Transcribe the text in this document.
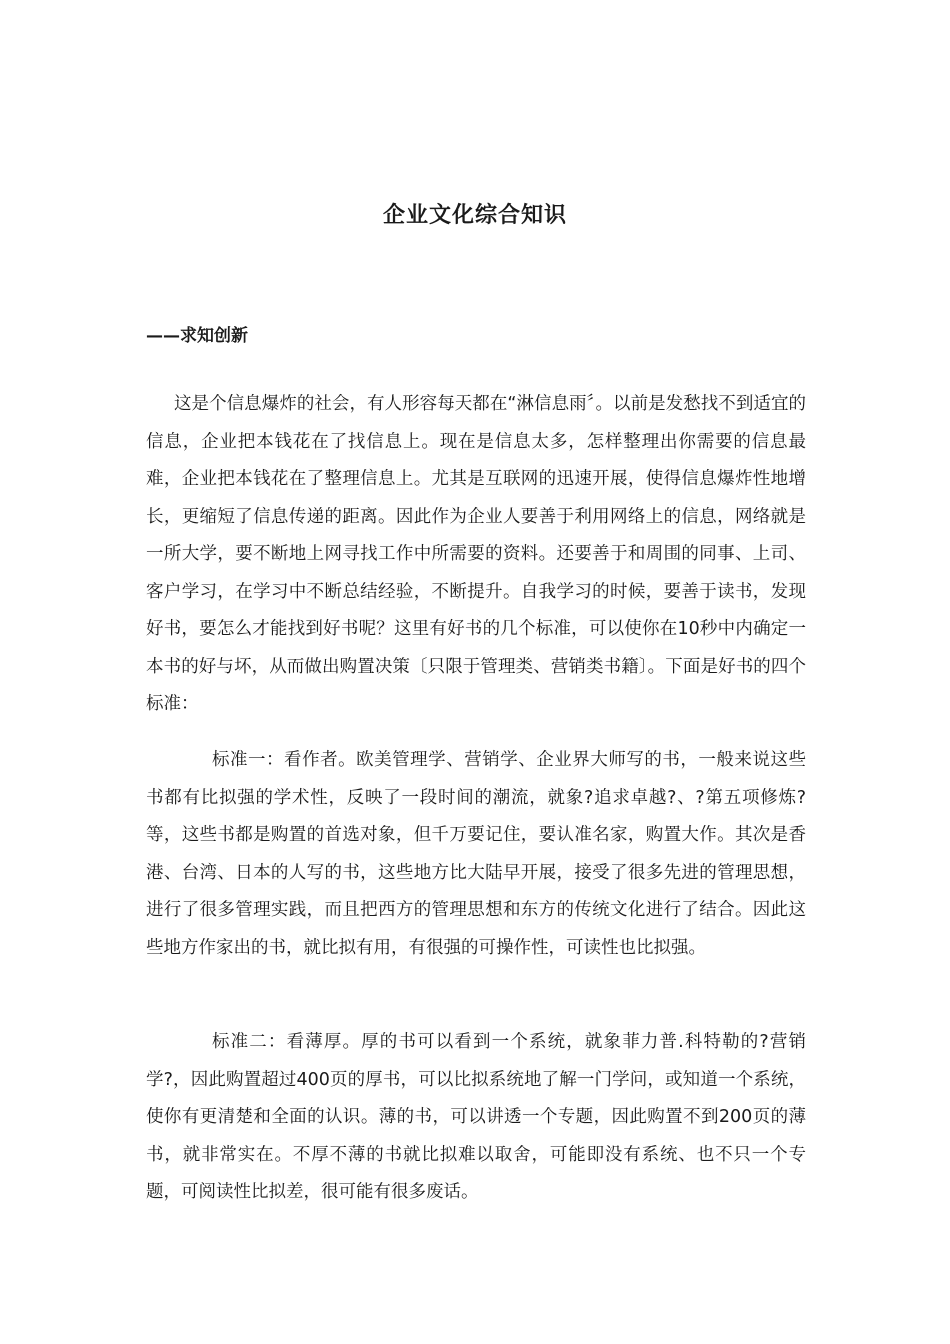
企业文化综合知识
——求知创新

这是个信息爆炸的社会，有人形容每天都在“淋信息雨〞。以前是发愁找不到适宜的信息，企业把本钱花在了找信息上。现在是信息太多，怎样整理出你需要的信息最难，企业把本钱花在了整理信息上。尤其是互联网的迅速开展，使得信息爆炸性地增长，更缩短了信息传递的距离。因此作为企业人要善于利用网络上的信息，网络就是一所大学，要不断地上网寻找工作中所需要的资料。还要善于和周围的同事、上司、客户学习，在学习中不断总结经验，不断提升。自我学习的时候，要善于读书，发现好书，要怎么才能找到好书呢？这里有好书的几个标准，可以使你在10秒中内确定一本书的好与坏，从而做出购置决策〔只限于管理类、营销类书籍〕。下面是好书的四个标准：

标准一：看作者。欧美管理学、营销学、企业界大师写的书，一般来说这些书都有比拟强的学术性，反映了一段时间的潮流，就象?追求卓越?、?第五项修炼?等，这些书都是购置的首选对象，但千万要记住，要认准名家，购置大作。其次是香港、台湾、日本的人写的书，这些地方比大陆早开展，接受了很多先进的管理思想，进行了很多管理实践，而且把西方的管理思想和东方的传统文化进行了结合。因此这些地方作家出的书，就比拟有用，有很强的可操作性，可读性也比拟强。

标准二：看薄厚。厚的书可以看到一个系统，就象菲力普.科特勒的?营销学?，因此购置超过400页的厚书，可以比拟系统地了解一门学问，或知道一个系统，使你有更清楚和全面的认识。薄的书，可以讲透一个专题，因此购置不到200页的薄书，就非常实在。不厚不薄的书就比拟难以取舍，可能即没有系统、也不只一个专题，可阅读性比拟差，很可能有很多废话。
